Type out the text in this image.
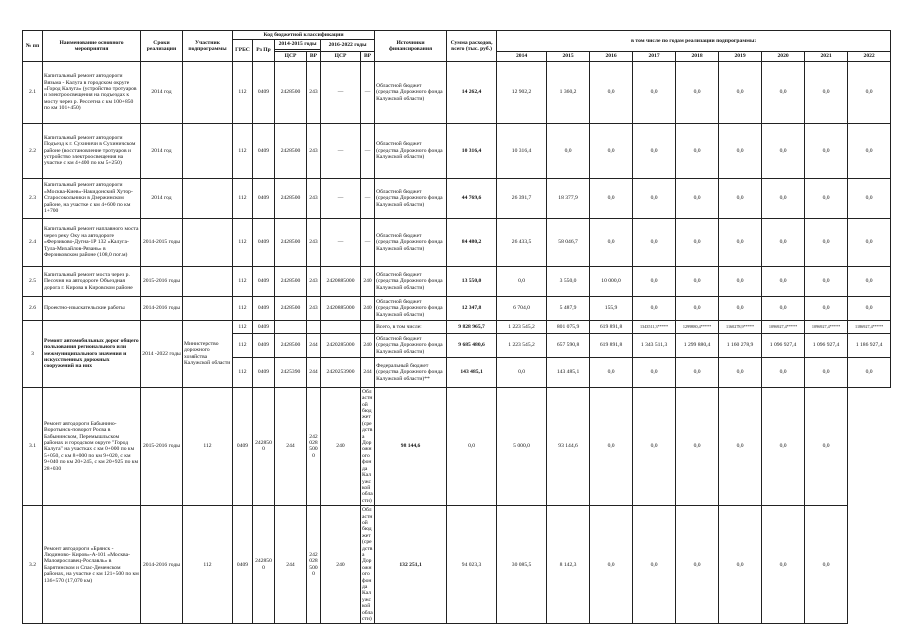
№ пп	Наименование основного мероприятия	Сроки реализации	Участник подпрограммы	Код бюджетной классификации						Источники финансирования	Сумма расходов, всего (тыс. руб.)	в том числе по годам реализации подпрограммы:								
				ГРБС	Рз Пр	2014-2015 годы		2016-2022 годы												

						ЦСР	ВР	ЦСР	ВР			2014	2015	2016	2017	2018	2019	2020	2021	2022
2.1	Капитальный ремонт автодороги Вязьма - Калуга в городском округе «Город Калуга» (устройство тротуаров и электроосвещения на подъездах к мосту через р. Рессетна с км 100+850 по км 101+450)	2014 год		112	0409	2428500	243	—	—	Областной бюджет (средства Дорожного фонда Калужской области)	14 262,4	12 902,2	1 360,2	0,0	0,0	0,0	0,0	0,0	0,0	0,0
2.2	Капитальный ремонт автодороги Подъезд к г. Сухиничи в Сухиничском районе (восстановление тротуаров и устройство электроосвещения на участке с км 4+400 по км 5+250)	2014 год		112	0409	2428500	243	—	—	Областной бюджет (средства Дорожного фонда Калужской области)	10 316,4	10 316,4	0,0	0,0	0,0	0,0	0,0	0,0	0,0	0,0
2.3	Капитальный ремонт автодороги «Москва-Киев»-Накидонский Хутор-Старосокольники в Дзержинском районе, на участке с км 4+600 по км 1+700	2014 год		112	0409	2428500	243	—	—	Областной бюджет (средства Дорожного фонда Калужской области)	44 769,6	26 391,7	18 377,9	0,0	0,0	0,0	0,0	0,0	0,0	0,0
2.4	Капитальный ремонт наплавного моста через реку Оку на автодороге «Ферзиково-Дугна-1Р 132 «Калуга-Тула-Михайлов-Рязань» в Ферзиковском районе (108,0 пог.м)	2014-2015 годы		112	0409	2428500	243	—	—	Областной бюджет (средства Дорожного фонда Калужской области)	84 480,2	26 433,5	58 046,7	0,0	0,0	0,0	0,0	0,0	0,0	0,0
2.5	Капитальный ремонт моста через р. Песочня на автодороге Объездная дорога г. Кирова в Кировском районе	2015-2016 годы		112	0409	2428500	243	2420885000	240	Областной бюджет (средства Дорожного фонда Калужской области)	13 550,0	0,0	3 550,0	10 000,0	0,0	0,0	0,0	0,0	0,0	0,0
2.6	Проектно-изыскательские работы	2014-2016 годы		112	0409	2428500	243	2420885000	240	Областной бюджет (средства Дорожного фонда Калужской области)	12 347,8	6 704,0	5 487,9	155,9	0,0	0,0	0,0	0,0	0,0	0,0
3	Ремонт автомобильных дорог общего пользования регионального или межмуниципального значения и искусственных дорожных сооружений на них	2014 -2022 годы	Министерство дорожного хозяйства Калужской области	112	0409					Всего, в том числе:	9 828 965,7	1 223 545,2	801 075,9	619 891,8	1343511,3*****	1299880,4*****	1160278,9*****	1096927,4*****	1096927,4*****	1186927,4*****
				112	0409	2428500	244	2420285000	240	Областной бюджет (средства Дорожного фонда Калужской области)	9 685 480,6	1 223 545,2	657 590,8	619 891,8	1 343 511,3	1 299 880,4	1 160 278,9	1 096 927,4	1 096 927,4	1 186 927,4
				112	0409	2425390	244	2420253900	244	Федеральный бюджет (средства Дорожного фонда Калужской области)**	143 485,1	0,0	143 485,1	0,0	0,0	0,0	0,0	0,0	0,0	0,0
3.1	Ремонт автодороги Бабынино-Воротынск-поворот Росва в Бабынинском, Перемышльском районах и городском округе "Город Калуга" на участках с км 0+000 по км 5+050, с км 8+000 по км 9+020, с км 9+040 по км 20+245, с км 20+925 по км 28+030	2015-2016 годы	112	0409	2428500	244	2420285000	240	Областной бюджет (средства Дорожного фонда Калужской области)	98 144,6	0,0	5 000,0	93 144,6	0,0	0,0	0,0	0,0	0,0	0,0	
3.2	Ремонт автодороги «Брянск - Людиново- Киров»-А-101 «Москва-Малоярославец-Рославль» в Барятинском и Спас-Деменском районах, на участке с км 121+500 по км 136+570 (17,070 км)	2014-2016 годы	112	0409	2428500	244	2420285000	240	Областной бюджет (средства Дорожного фонда Калужской области)	132 251,1	94 023,3	30 085,5	8 142,3	0,0	0,0	0,0	0,0	0,0	0,0	
